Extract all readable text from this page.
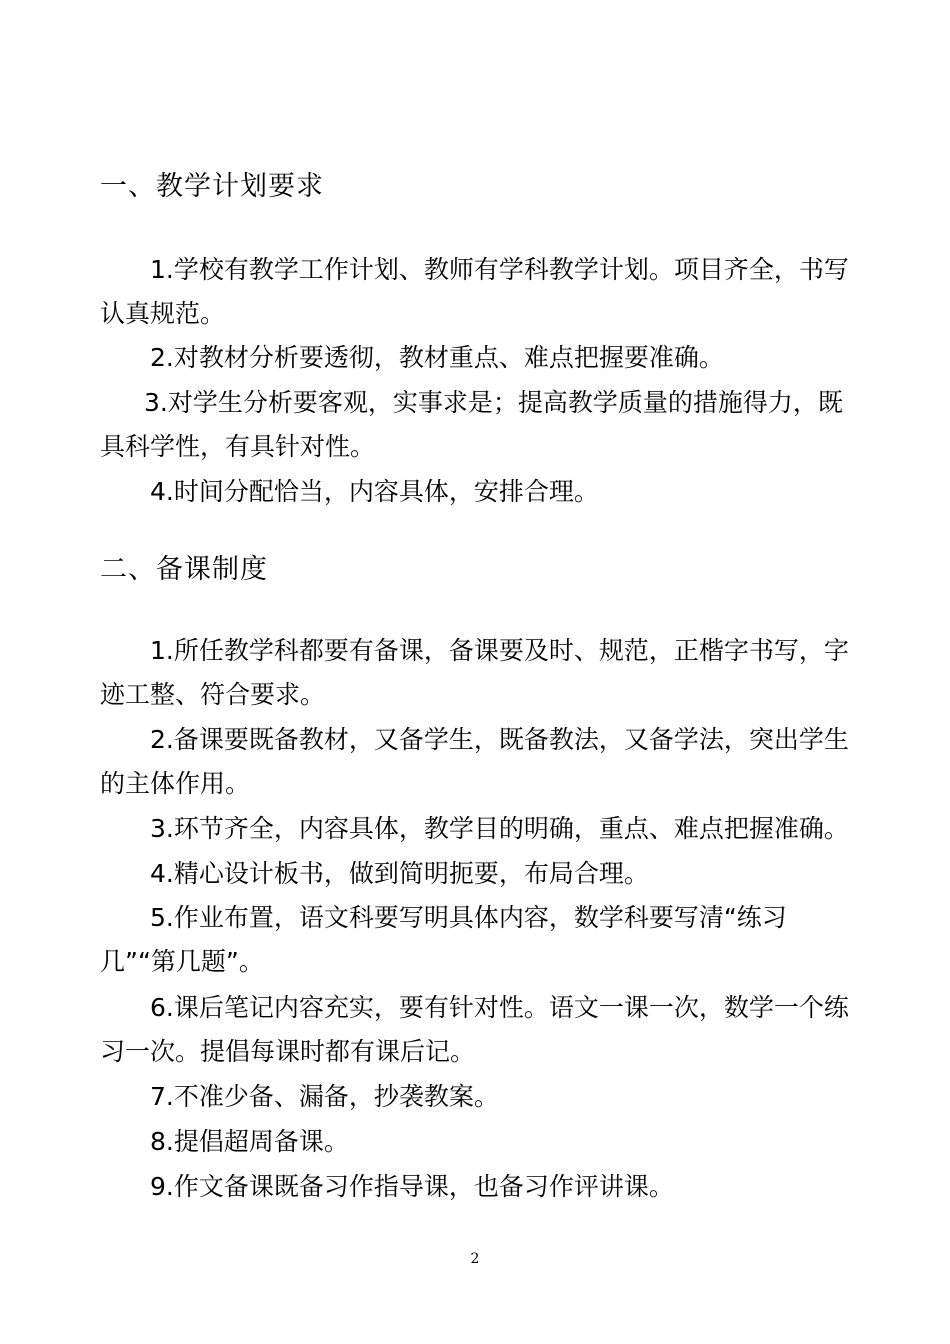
一、教学计划要求
1.学校有教学工作计划、教师有学科教学计划。项目齐全，书写认真规范。
2.对教材分析要透彻，教材重点、难点把握要准确。
3.对学生分析要客观，实事求是；提高教学质量的措施得力，既具科学性，有具针对性。
4.时间分配恰当，内容具体，安排合理。
二、备课制度
1.所任教学科都要有备课，备课要及时、规范，正楷字书写，字迹工整、符合要求。
2.备课要既备教材，又备学生，既备教法，又备学法，突出学生的主体作用。
3.环节齐全，内容具体，教学目的明确，重点、难点把握准确。
4.精心设计板书，做到简明扼要，布局合理。
5.作业布置，语文科要写明具体内容，数学科要写清“练习几”“第几题”。
6.课后笔记内容充实，要有针对性。语文一课一次，数学一个练习一次。提倡每课时都有课后记。
7.不准少备、漏备，抄袭教案。
8.提倡超周备课。
9.作文备课既备习作指导课，也备习作评讲课。
2
